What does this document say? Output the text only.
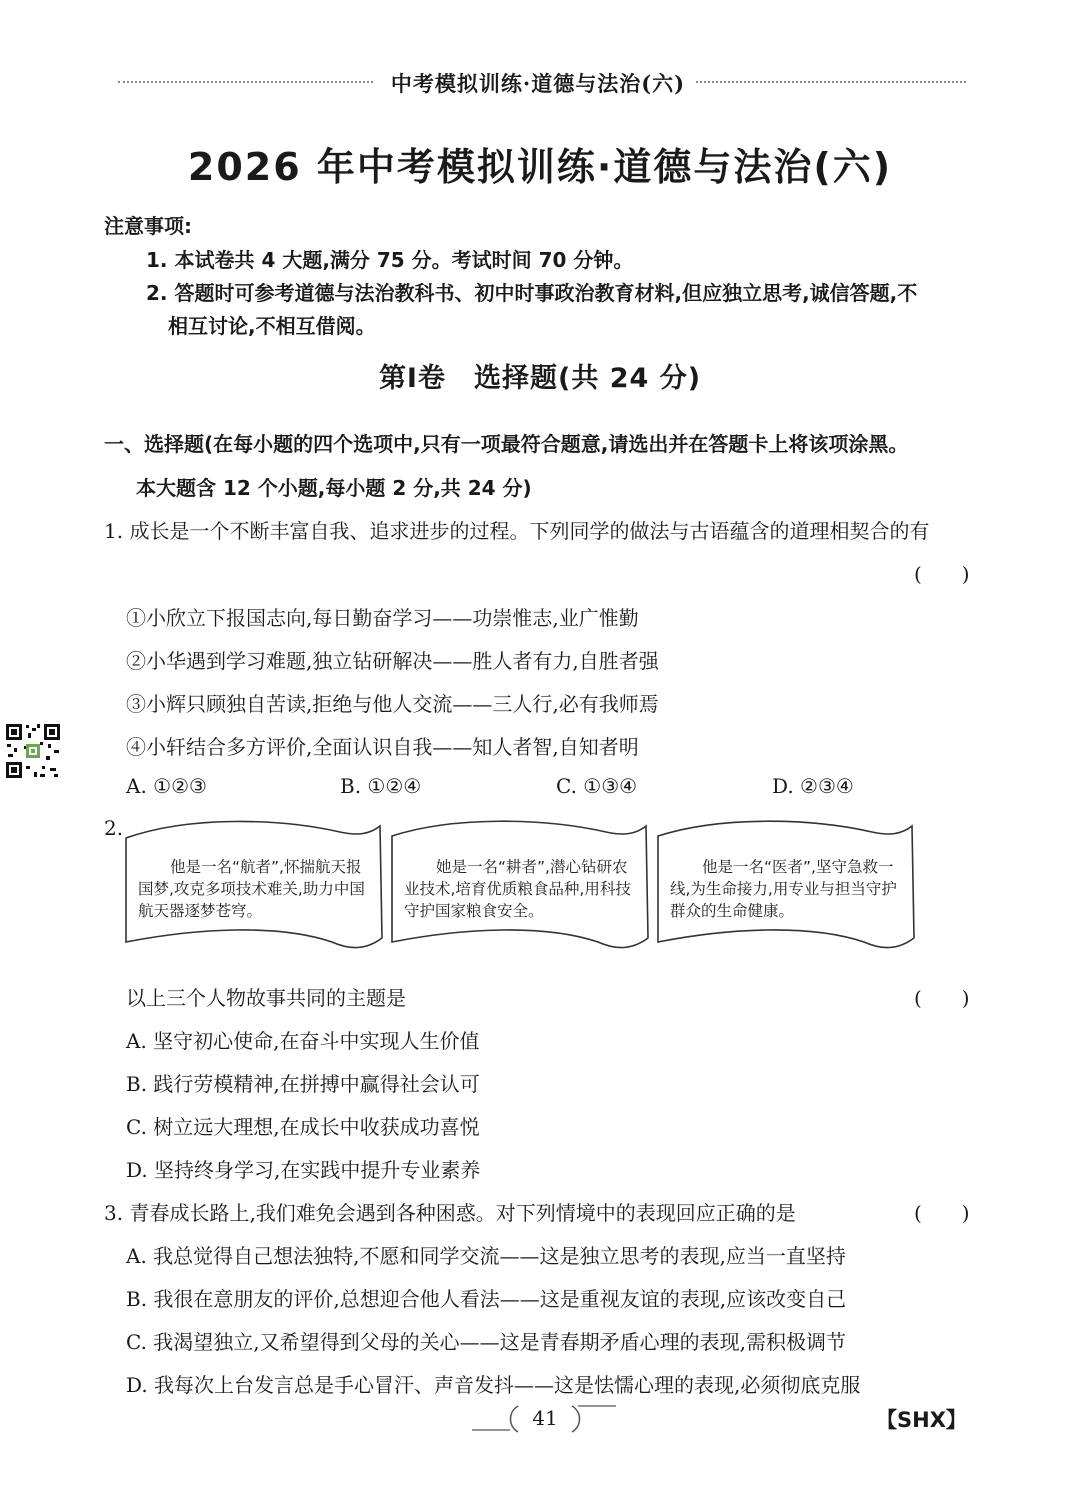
中考模拟训练·道德与法治(六)
2026 年中考模拟训练·道德与法治(六)
注意事项:
1. 本试卷共 4 大题,满分 75 分。考试时间 70 分钟。
2. 答题时可参考道德与法治教科书、初中时事政治教育材料,但应独立思考,诚信答题,不
相互讨论,不相互借阅。
第Ⅰ卷　选择题(共 24 分)
一、选择题(在每小题的四个选项中,只有一项最符合题意,请选出并在答题卡上将该项涂黑。
本大题含 12 个小题,每小题 2 分,共 24 分)
1. 成长是一个不断丰富自我、追求进步的过程。下列同学的做法与古语蕴含的道理相契合的有
(　　)
①小欣立下报国志向,每日勤奋学习——功崇惟志,业广惟勤
②小华遇到学习难题,独立钻研解决——胜人者有力,自胜者强
③小辉只顾独自苦读,拒绝与他人交流——三人行,必有我师焉
④小轩结合多方评价,全面认识自我——知人者智,自知者明
A. ①②③	B. ①②④	C. ①③④	D. ②③④
2.
他是一名“航者”,怀揣航天报国梦,攻克多项技术难关,助力中国航天器逐梦苍穹。
她是一名“耕者”,潜心钻研农业技术,培育优质粮食品种,用科技守护国家粮食安全。
他是一名“医者”,坚守急救一线,为生命接力,用专业与担当守护群众的生命健康。
以上三个人物故事共同的主题是	(　　)
A. 坚守初心使命,在奋斗中实现人生价值
B. 践行劳模精神,在拼搏中赢得社会认可
C. 树立远大理想,在成长中收获成功喜悦
D. 坚持终身学习,在实践中提升专业素养
3. 青春成长路上,我们难免会遇到各种困惑。对下列情境中的表现回应正确的是	(　　)
A. 我总觉得自己想法独特,不愿和同学交流——这是独立思考的表现,应当一直坚持
B. 我很在意朋友的评价,总想迎合他人看法——这是重视友谊的表现,应该改变自己
C. 我渴望独立,又希望得到父母的关心——这是青春期矛盾心理的表现,需积极调节
D. 我每次上台发言总是手心冒汗、声音发抖——这是怯懦心理的表现,必须彻底克服
41	【SHX】
